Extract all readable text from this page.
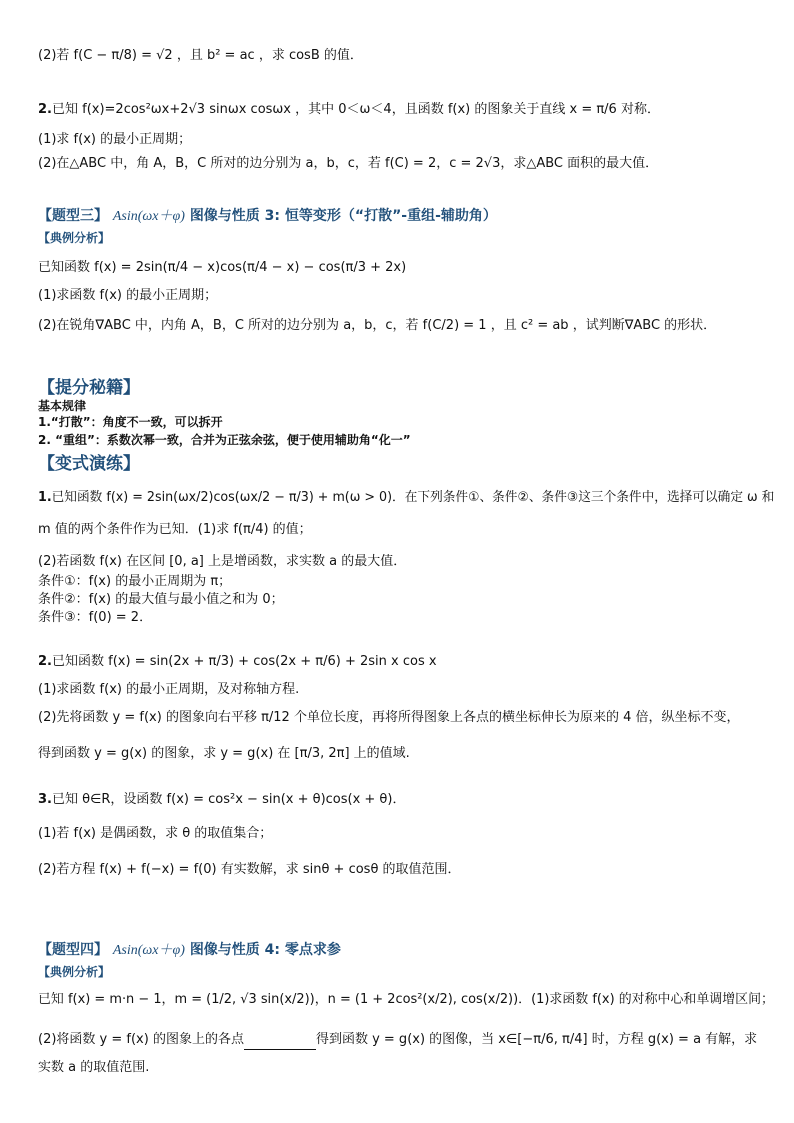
(2)若 f(C − π/8) = √2 ，且 b² = ac ，求 cosB 的值．
2.已知 f(x)=2cos²ωx+2√3 sinωx cosωx ，其中 0＜ω＜4，且函数 f(x) 的图象关于直线 x = π/6 对称．
(1)求 f(x) 的最小正周期；
(2)在△ABC 中，角 A，B，C 所对的边分别为 a，b，c，若 f(C) = 2，c = 2√3，求△ABC 面积的最大值．
【题型三】 Asin(ωx＋φ) 图像与性质 3: 恒等变形（“打散”-重组-辅助角）
【典例分析】
已知函数 f(x) = 2sin(π/4 − x)cos(π/4 − x) − cos(π/3 + 2x)
(1)求函数 f(x) 的最小正周期；
(2)在锐角∇ABC 中，内角 A，B，C 所对的边分别为 a，b，c，若 f(C/2) = 1 ，且 c² = ab ，试判断∇ABC 的形状．
【提分秘籍】
基本规律
1.“打散”：角度不一致，可以拆开
2. “重组”：系数次幂一致，合并为正弦余弦，便于使用辅助角“化一”
【变式演练】
1.已知函数 f(x) = 2sin(ωx/2)cos(ωx/2 − π/3) + m(ω > 0)．在下列条件①、条件②、条件③这三个条件中，选择可以确定 ω 和
m 值的两个条件作为已知．(1)求 f(π/4) 的值；
(2)若函数 f(x) 在区间 [0, a] 上是增函数，求实数 a 的最大值．
条件①：f(x) 的最小正周期为 π；
条件②：f(x) 的最大值与最小值之和为 0；
条件③：f(0) = 2．
2.已知函数 f(x) = sin(2x + π/3) + cos(2x + π/6) + 2sin x cos x
(1)求函数 f(x) 的最小正周期，及对称轴方程.
(2)先将函数 y = f(x) 的图象向右平移 π/12 个单位长度，再将所得图象上各点的横坐标伸长为原来的 4 倍，纵坐标不变，
得到函数 y = g(x) 的图象，求 y = g(x) 在 [π/3, 2π] 上的值域.
3.已知 θ∈R，设函数 f(x) = cos²x − sin(x + θ)cos(x + θ)．
(1)若 f(x) 是偶函数，求 θ 的取值集合；
(2)若方程 f(x) + f(−x) = f(0) 有实数解，求 sinθ + cosθ 的取值范围．
【题型四】 Asin(ωx＋φ) 图像与性质 4: 零点求参
【典例分析】
已知 f(x) = m·n − 1，m = (1/2, √3 sin(x/2))，n = (1 + 2cos²(x/2), cos(x/2))．(1)求函数 f(x) 的对称中心和单调增区间；
(2)将函数 y = f(x) 的图象上的各点	得到函数 y = g(x) 的图像，当 x∈[−π/6, π/4] 时，方程 g(x) = a 有解，求
实数 a 的取值范围.
